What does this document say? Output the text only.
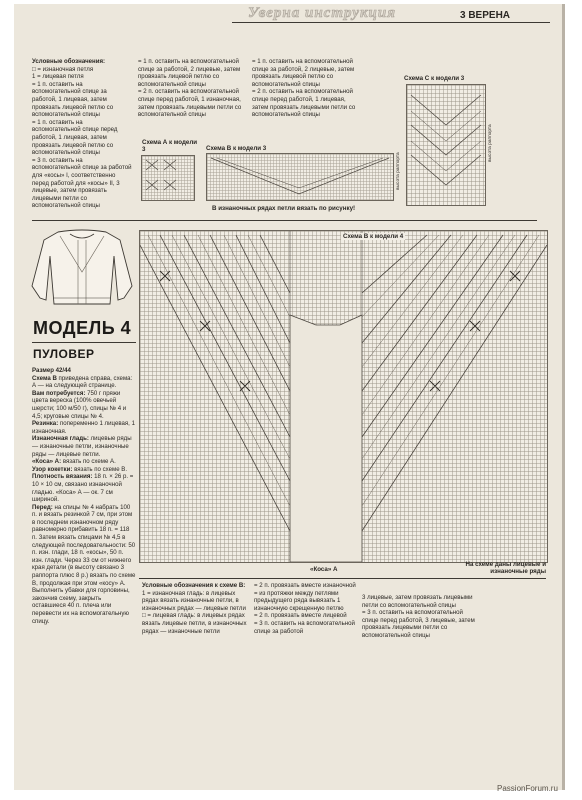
Уверна инструкция	3 ВЕРЕНА
Условные обозначения:
□ = изнаночная петля
1 = лицевая петля
= 1 п. оставить на вспомогательной спице за работой, 1 лицевая, затем провязать лицевой петлю со вспомогательной спицы
= 1 п. оставить на вспомогательной спице перед работой, 1 лицевая, затем провязать лицевой петлю со вспомогательной спицы
= 3 п. оставить на вспомогательной спице за работой для «косы» I, соответственно перед работой для «косы» II, 3 лицевые, затем провязать лицевыми петли со вспомогательной спицы
= 1 п. оставить на вспомогательной спице за работой, 2 лицевые, затем провязать лицевой петлю со вспомогательной спицы
= 2 п. оставить на вспомогательной спице перед работой, 1 изнаночная, затем провязать лицевыми петли со вспомогательной спицы
= 1 п. оставить на вспомогательной спице за работой, 2 лицевые, затем провязать лицевой петлю со вспомогательной спицы
= 2 п. оставить на вспомогательной спице перед работой, 1 лицевая, затем провязать лицевыми петли со вспомогательной спицы
Схема А к модели 3	Схема В к модели 3
высота раппорта
В изнаночных рядах петли вязать по рисунку!
Схема С к модели 3
высота раппорта
МОДЕЛЬ 4
ПУЛОВЕР
Размер 42/44
Схема В приведена справа, схема: А — на следующей странице.
Вам потребуется: 750 г пряжи цвета вереска (100% овечьей шерсти; 100 м/50 г), спицы № 4 и 4,5; круговые спицы № 4.
Резинка: попеременно 1 лицевая, 1 изнаночная.
Изнаночная гладь: лицевые ряды — изнаночные петли, изнаночные ряды — лицевые петли.
«Коса» А: вязать по схеме А.
Узор кокетки: вязать по схеме В.
Плотность вязания: 18 п. × 26 р. = 10 × 10 см, связано изнаночной гладью. «Коса» А — ок. 7 см шириной.
Перед: на спицы № 4 набрать 100 п. и вязать резинкой 7 см, при этом в последнем изнаночном ряду равномерно прибавить 18 п. = 118 п. Затем вязать спицами № 4,5 в следующей последовательности: 50 п. изн. глади, 18 п. «косы», 50 п. изн. глади. Через 33 см от нижнего края детали (в высоту связано 3 раппорта плюс 8 р.) вязать по схеме В, продолжая при этом «косу» А. Выполнить убавки для горловины, закончив схему, закрыть оставшиеся 40 п. плеча или перевести их на вспомогательную спицу.
Схема В к модели 4
«Коса» А
На схеме даны лицевые и изнаночные ряды
Условные обозначения к схеме В:
1 = изнаночная гладь: в лицевых рядах вязать изнаночные петли, в изнаночных рядах — лицевые петли
□ = лицевая гладь: в лицевых рядах вязать лицевые петли, в изнаночных рядах — изнаночные петли
= 2 п. провязать вместе изнаночной
= из протяжки между петлями предыдущего ряда вывязать 1 изнаночную скрещенную петлю
= 2 п. провязать вместе лицевой
= 3 п. оставить на вспомогательной спице за работой
3 лицевые, затем провязать лицевыми петли со вспомогательной спицы
= 3 п. оставить на вспомогательной спице перед работой, 3 лицевые, затем провязать лицевыми петли со вспомогательной спицы
PassionForum.ru
